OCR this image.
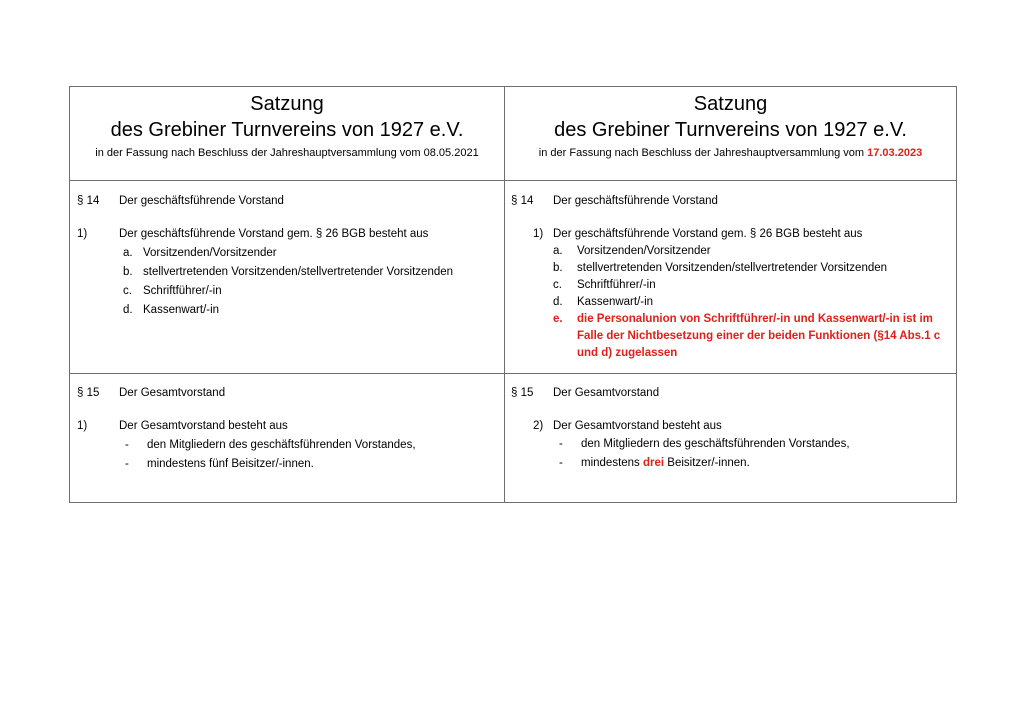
Satzung
des Grebiner Turnvereins von 1927 e.V.
in der Fassung nach Beschluss der Jahreshauptversammlung vom 08.05.2021
Satzung
des Grebiner Turnvereins von 1927 e.V.
in der Fassung nach Beschluss der Jahreshauptversammlung vom 17.03.2023
§ 14 Der geschäftsführende Vorstand
1)	Der geschäftsführende Vorstand gem. § 26 BGB besteht aus
a. Vorsitzenden/Vorsitzender
b. stellvertretenden Vorsitzenden/stellvertretender Vorsitzenden
c. Schriftführer/-in
d. Kassenwart/-in
§ 14 Der geschäftsführende Vorstand
1) Der geschäftsführende Vorstand gem. § 26 BGB besteht aus
a. Vorsitzenden/Vorsitzender
b. stellvertretenden Vorsitzenden/stellvertretender Vorsitzenden
c. Schriftführer/-in
d. Kassenwart/-in
e. die Personalunion von Schriftführer/-in und Kassenwart/-in ist im
Falle der Nichtbesetzung einer der beiden Funktionen (§14 Abs.1 c
und d) zugelassen
§ 15 Der Gesamtvorstand
1)	Der Gesamtvorstand besteht aus
- den Mitgliedern des geschäftsführenden Vorstandes,
- mindestens fünf Beisitzer/-innen.
§ 15 Der Gesamtvorstand
2) Der Gesamtvorstand besteht aus
- den Mitgliedern des geschäftsführenden Vorstandes,
- mindestens drei Beisitzer/-innen.
